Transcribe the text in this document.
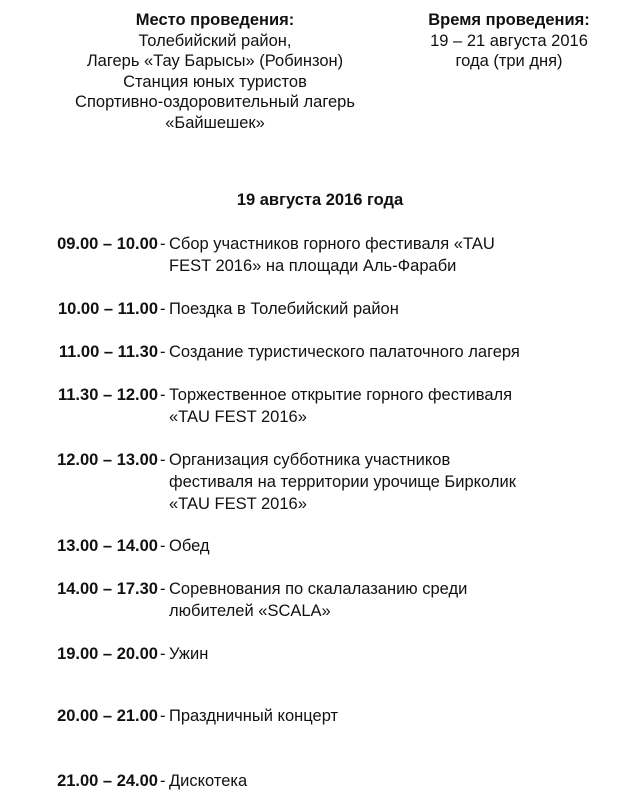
Место проведения:
Толебийский район,
Лагерь «Тау Барысы» (Робинзон)
Станция юных туристов
Спортивно-оздоровительный лагерь
«Байшешек»
Время проведения:
19 – 21 августа 2016
года (три дня)
19 августа 2016 года
09.00 – 10.00 - Сбор участников горного фестиваля «TAU
FEST 2016» на площади Аль-Фараби
10.00 – 11.00 - Поездка в Толебийский район
11.00 – 11.30 - Создание туристического палаточного лагеря
11.30 – 12.00 - Торжественное открытие горного фестиваля
«TAU FEST 2016»
12.00 – 13.00 - Организация субботника участников
фестиваля на территории урочище Бирколик
«TAU FEST 2016»
13.00 – 14.00 - Обед
14.00 – 17.30 - Соревнования по скалалазанию среди
любителей «SCALA»
19.00 – 20.00 - Ужин
20.00 – 21.00 - Праздничный концерт
21.00 – 24.00 - Дискотека
